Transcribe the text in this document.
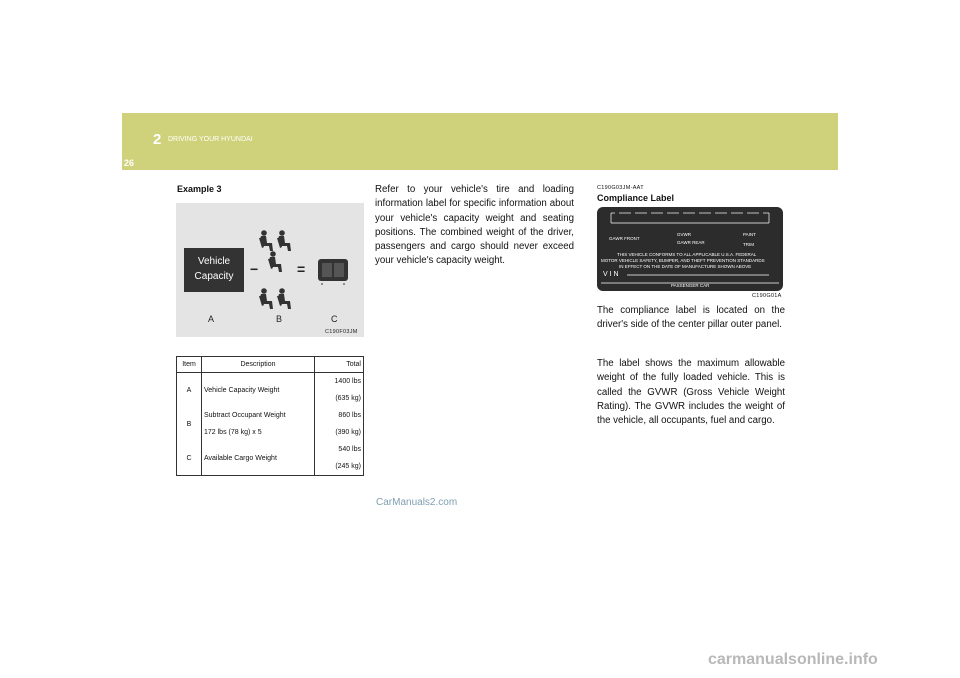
2 DRIVING YOUR HYUNDAI
26
Example 3
Vehicle
Capacity	−	=
A	B	C
C190F03JM
Item	Description	Total
A	Vehicle Capacity Weight	1400 lbs
(635 kg)

B	Subtract Occupant Weight
172 lbs (78 kg) x 5	860 lbs
(390 kg)

C	Available Cargo Weight	540 lbs
(245 kg)
Refer to your vehicle's tire and loading information label for specific information about your vehicle's capacity weight and seating positions. The combined weight of the driver, passengers and cargo should never exceed your vehicle's capacity weight.
C190G03JM-AAT
Compliance Label
GAWR FRONT
GVWR
GAWR REAR
PAINT
TRIM
THIS VEHICLE CONFORMS TO ALL APPLICABLE U.S.A. FEDERAL
MOTOR VEHICLE SAFETY, BUMPER, AND THEFT PREVENTION STANDARDS
IN EFFECT ON THE DATE OF MANUFACTURE SHOWN ABOVE
V I N
PASSENGER CAR
C190G01A
The compliance label is located on the driver's side of the center pillar outer panel.
The label shows the maximum allowable weight of the fully loaded vehicle. This is called the GVWR (Gross Vehicle Weight Rating). The GVWR includes the weight of the vehicle, all occupants, fuel and cargo.
CarManuals2.com
carmanualsonline.info
